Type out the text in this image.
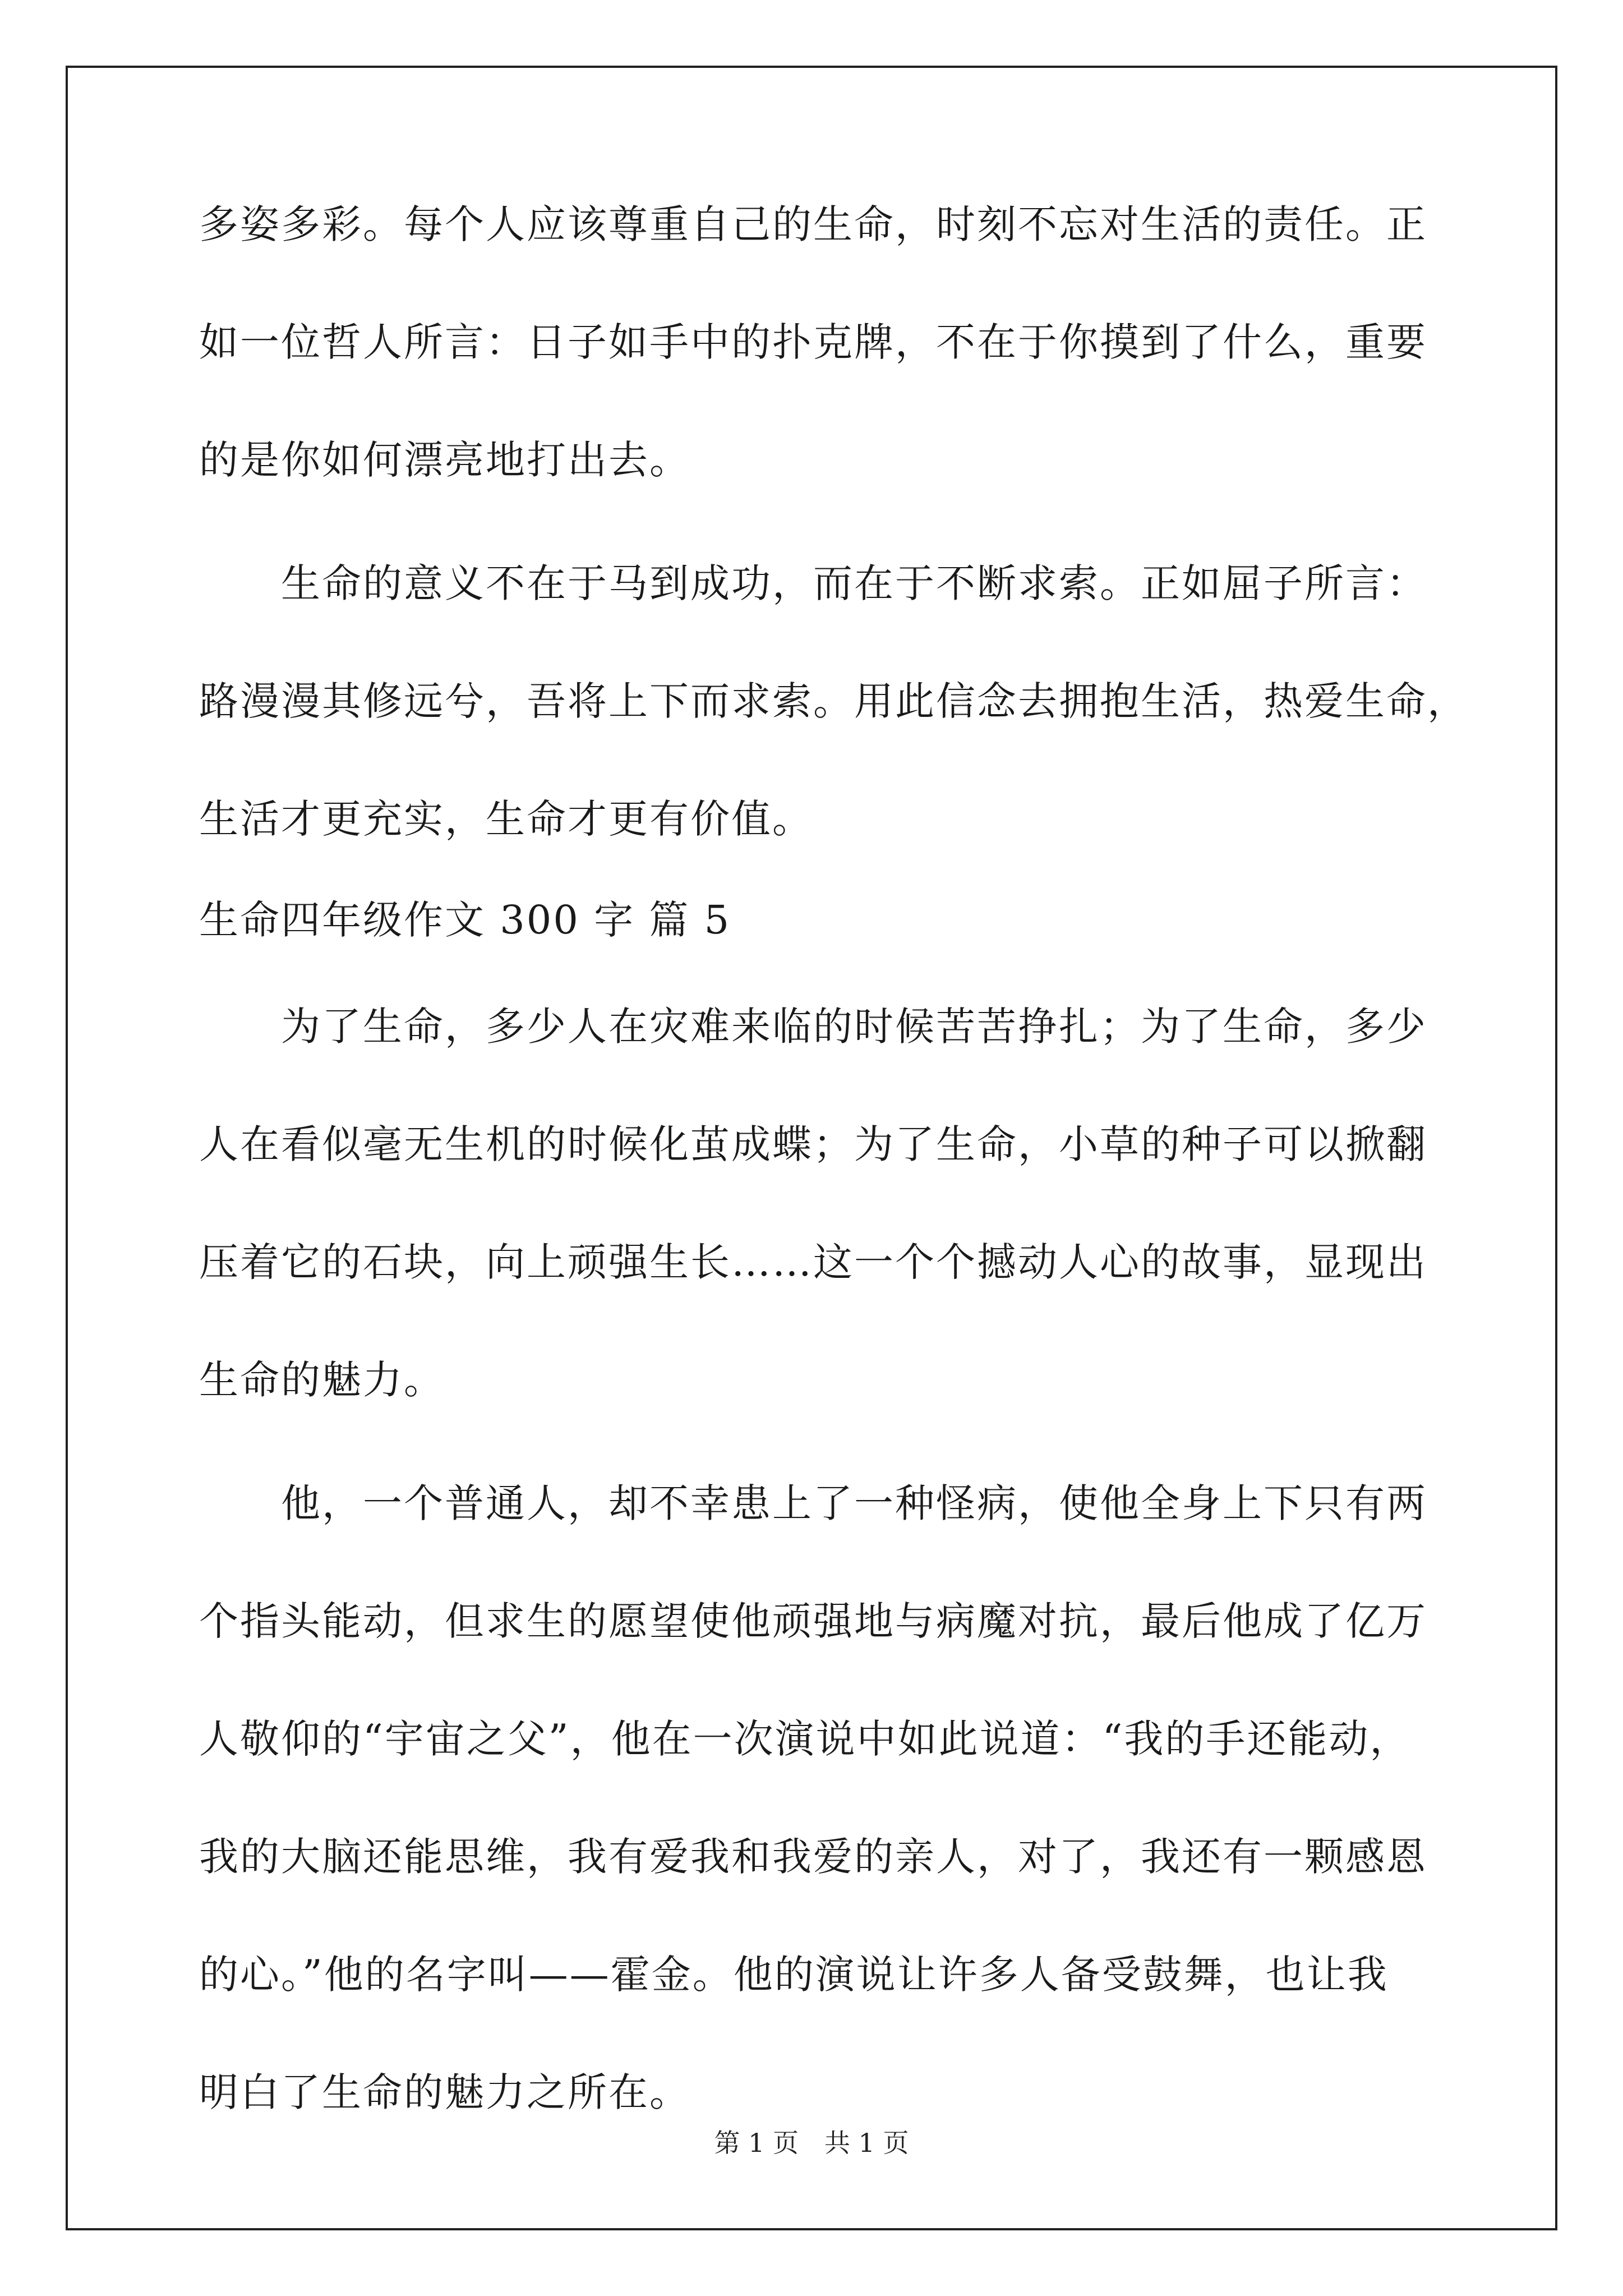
多姿多彩。每个人应该尊重自己的生命，时刻不忘对生活的责任。正
如一位哲人所言：日子如手中的扑克牌，不在于你摸到了什么，重要
的是你如何漂亮地打出去。
　　生命的意义不在于马到成功，而在于不断求索。正如屈子所言：
路漫漫其修远兮，吾将上下而求索。用此信念去拥抱生活，热爱生命，
生活才更充实，生命才更有价值。
生命四年级作文 300 字 篇 5
　　为了生命，多少人在灾难来临的时候苦苦挣扎；为了生命，多少
人在看似毫无生机的时候化茧成蝶；为了生命，小草的种子可以掀翻
压着它的石块，向上顽强生长……这一个个撼动人心的故事，显现出
生命的魅力。
　　他，一个普通人，却不幸患上了一种怪病，使他全身上下只有两
个指头能动，但求生的愿望使他顽强地与病魔对抗，最后他成了亿万
人敬仰的“宇宙之父”，他在一次演说中如此说道：“我的手还能动，
我的大脑还能思维，我有爱我和我爱的亲人，对了，我还有一颗感恩
的心。”他的名字叫——霍金。他的演说让许多人备受鼓舞，也让我
明白了生命的魅力之所在。
第 1 页　共 1 页
